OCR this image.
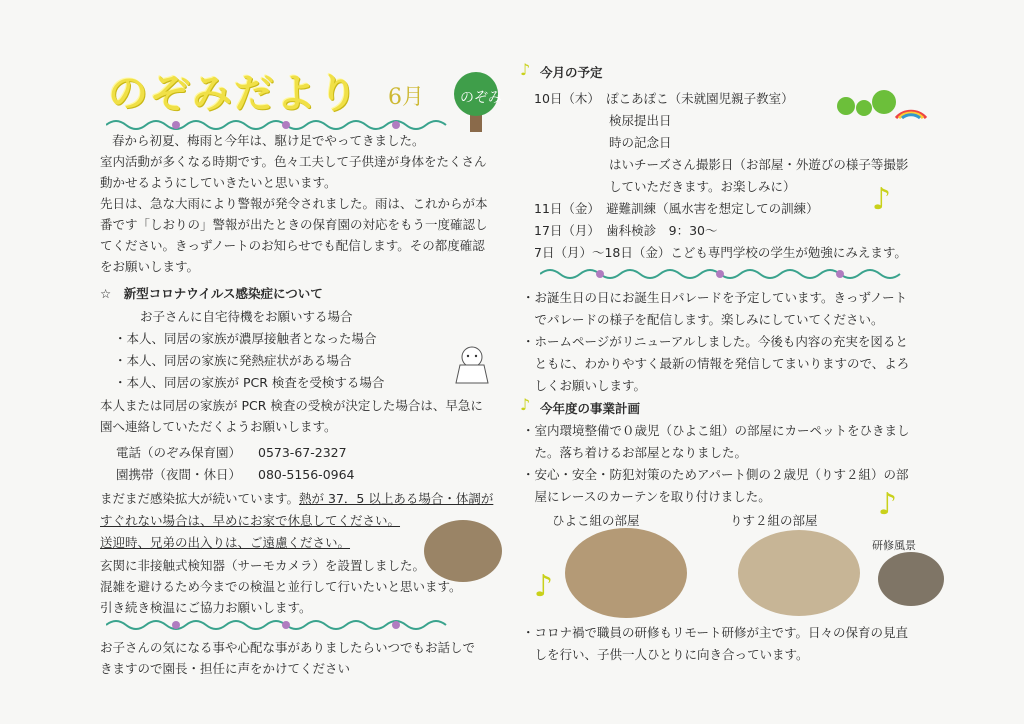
のぞみだより 6月	のぞみ
春から初夏、梅雨と今年は、駆け足でやってきました。
室内活動が多くなる時期です。色々工夫して子供達が身体をたくさん
動かせるようにしていきたいと思います。
先日は、急な大雨により警報が発令されました。雨は、これからが本
番です「しおりの」警報が出たときの保育園の対応をもう一度確認し
てください。きっずノートのお知らせでも配信します。その都度確認
をお願いします。
☆　新型コロナウイルス感染症について
お子さんに自宅待機をお願いする場合
・本人、同居の家族が濃厚接触者となった場合
・本人、同居の家族に発熱症状がある場合
・本人、同居の家族が PCR 検査を受検する場合
本人または同居の家族が PCR 検査の受検が決定した場合は、早急に
園へ連絡していただくようお願いします。
電話（のぞみ保育園） 0573-67-2327
園携帯（夜間・休日） 080-5156-0964
まだまだ感染拡大が続いています。熱が 37．5 以上ある場合・体調が
すぐれない場合は、早めにお家で休息してください。
送迎時、兄弟の出入りは、ご遠慮ください。
玄関に非接触式検知器（サーモカメラ）を設置しました。
混雑を避けるため今までの検温と並行して行いたいと思います。
引き続き検温にご協力お願いします。
お子さんの気になる事や心配な事がありましたらいつでもお話しで
きますので園長・担任に声をかけてください
♪ 今月の予定
10日（木）　ぽこあぽこ（未就園児親子教室）
　　　　　　検尿提出日
　　　　　　時の記念日
　　　　　　はいチーズさん撮影日（お部屋・外遊びの様子等撮影
　　　　　　していただきます。お楽しみに）
11日（金）　避難訓練（風水害を想定しての訓練）
17日（月）　歯科検診　9：30～
7日（月）～18日（金）こども専門学校の学生が勉強にみえます。
♪
・お誕生日の日にお誕生日パレードを予定しています。きっずノート
　でパレードの様子を配信します。楽しみにしていてください。
・ホームページがリニューアルしました。今後も内容の充実を図ると
　ともに、わかりやすく最新の情報を発信してまいりますので、よろ
　しくお願いします。
♪ 今年度の事業計画
・室内環境整備で０歳児（ひよこ組）の部屋にカーペットをひきまし
　た。落ち着けるお部屋となりました。
・安心・安全・防犯対策のためアパート側の２歳児（りす２組）の部
　屋にレースのカーテンを取り付けました。	♪
ひよこ組の部屋	りす２組の部屋
研修風景
♪
・コロナ禍で職員の研修もリモート研修が主です。日々の保育の見直
　しを行い、子供一人ひとりに向き合っています。
